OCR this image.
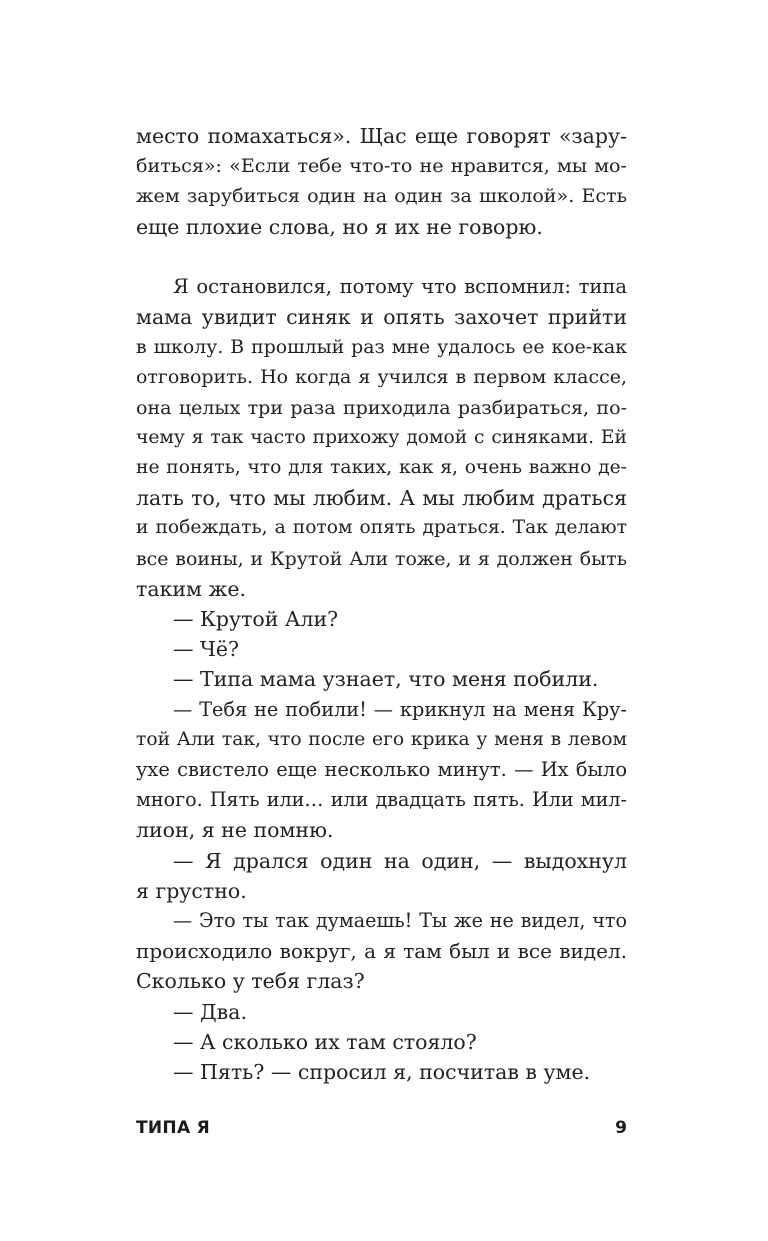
место помахаться». Щас еще говорят «зару-
биться»: «Если тебе что-то не нравится, мы мо-
жем зарубиться один на один за школой». Есть
еще плохие слова, но я их не говорю.

Я остановился, потому что вспомнил: типа
мама увидит синяк и опять захочет прийти
в школу. В прошлый раз мне удалось ее кое-как
отговорить. Но когда я учился в первом классе,
она целых три раза приходила разбираться, по-
чему я так часто прихожу домой с синяками. Ей
не понять, что для таких, как я, очень важно де-
лать то, что мы любим. А мы любим драться
и побеждать, а потом опять драться. Так делают
все воины, и Крутой Али тоже, и я должен быть
таким же.

— Крутой Али?

— Чё?

— Типа мама узнает, что меня побили.

— Тебя не побили! — крикнул на меня Кру-
той Али так, что после его крика у меня в левом
ухе свистело еще несколько минут. — Их было
много. Пять или… или двадцать пять. Или мил-
лион, я не помню.

— Я дрался один на один, — выдохнул
я грустно.

— Это ты так думаешь! Ты же не видел, что
происходило вокруг, а я там был и все видел.
Сколько у тебя глаз?

— Два.

— А сколько их там стояло?

— Пять? — спросил я, посчитав в уме.

ТИПА Я	9
